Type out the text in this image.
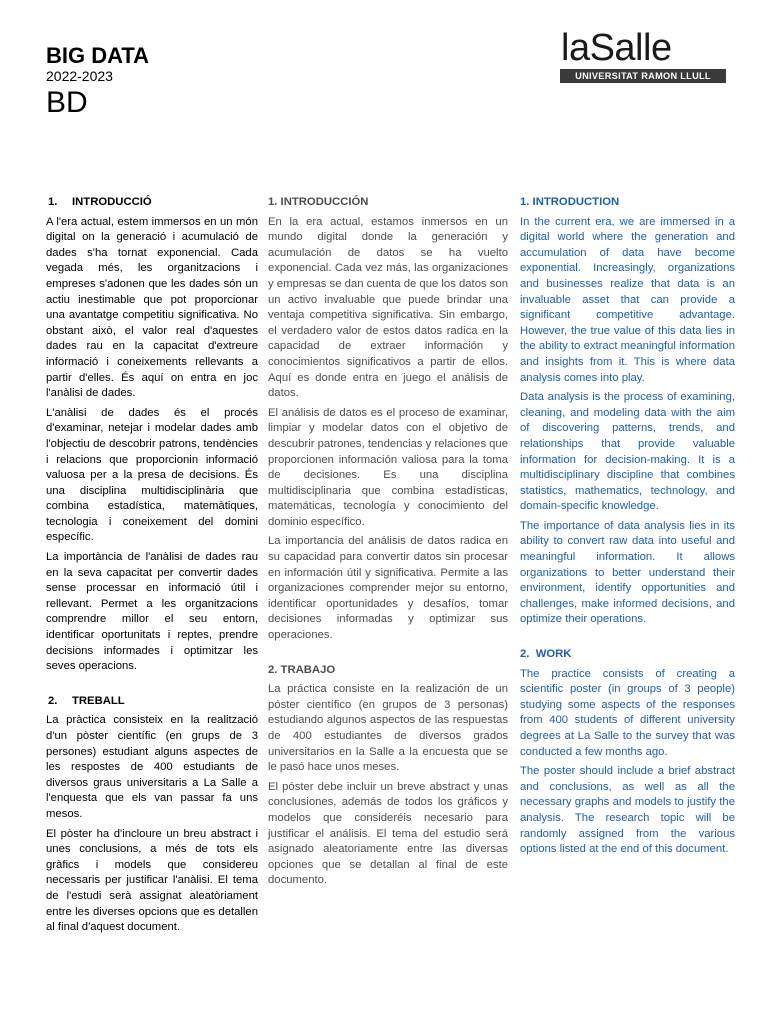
BIG DATA
2022-2023
BD
laSalle
UNIVERSITAT RAMON LLULL
1. INTRODUCCIÓ

A l'era actual, estem immersos en un món digital on la generació i acumulació de dades s'ha tornat exponencial. Cada vegada més, les organitzacions i empreses s'adonen que les dades són un actiu inestimable que pot proporcionar una avantatge competitiu significativa. No obstant això, el valor real d'aquestes dades rau en la capacitat d'extreure informació i coneixements rellevants a partir d'elles. És aquí on entra en joc l'anàlisi de dades.

L'anàlisi de dades és el procés d'examinar, netejar i modelar dades amb l'objectiu de descobrir patrons, tendències i relacions que proporcionin informació valuosa per a la presa de decisions. És una disciplina multidisciplinària que combina estadística, matemàtiques, tecnologia i coneixement del domini específic.

La importància de l'anàlisi de dades rau en la seva capacitat per convertir dades sense processar en informació útil i rellevant. Permet a les organitzacions comprendre millor el seu entorn, identificar oportunitats i reptes, prendre decisions informades i optimitzar les seves operacions.

2. TREBALL

La pràctica consisteix en la realització d'un pòster científic (en grups de 3 persones) estudiant alguns aspectes de les respostes de 400 estudiants de diversos graus universitaris a La Salle a l'enquesta que els van passar fa uns mesos.

El pòster ha d'incloure un breu abstract i unes conclusions, a més de tots els gràfics i models que considereu necessaris per justificar l'anàlisi. El tema de l'estudi serà assignat aleatòriament entre les diverses opcions que es detallen al final d'aquest document.

1. INTRODUCCIÓN

En la era actual, estamos inmersos en un mundo digital donde la generación y acumulación de datos se ha vuelto exponencial. Cada vez más, las organizaciones y empresas se dan cuenta de que los datos son un activo invaluable que puede brindar una ventaja competitiva significativa. Sin embargo, el verdadero valor de estos datos radica en la capacidad de extraer información y conocimientos significativos a partir de ellos. Aquí es donde entra en juego el análisis de datos.

El análisis de datos es el proceso de examinar, limpiar y modelar datos con el objetivo de descubrir patrones, tendencias y relaciones que proporcionen información valiosa para la toma de decisiones. Es una disciplina multidisciplinaria que combina estadísticas, matemáticas, tecnología y conocimiento del dominio específico.

La importancia del análisis de datos radica en su capacidad para convertir datos sin procesar en información útil y significativa. Permite a las organizaciones comprender mejor su entorno, identificar oportunidades y desafíos, tomar decisiones informadas y optimizar sus operaciones.

2. TRABAJO

La práctica consiste en la realización de un póster científico (en grupos de 3 personas) estudiando algunos aspectos de las respuestas de 400 estudiantes de diversos grados universitarios en la Salle a la encuesta que se le pasó hace unos meses.

El póster debe incluir un breve abstract y unas conclusiones, además de todos los gráficos y modelos que consideréis necesario para justificar el análisis. El tema del estudio será asignado aleatoriamente entre las diversas opciones que se detallan al final de este documento.

1. INTRODUCTION

In the current era, we are immersed in a digital world where the generation and accumulation of data have become exponential. Increasingly, organizations and businesses realize that data is an invaluable asset that can provide a significant competitive advantage. However, the true value of this data lies in the ability to extract meaningful information and insights from it. This is where data analysis comes into play.

Data analysis is the process of examining, cleaning, and modeling data with the aim of discovering patterns, trends, and relationships that provide valuable information for decision-making. It is a multidisciplinary discipline that combines statistics, mathematics, technology, and domain-specific knowledge.

The importance of data analysis lies in its ability to convert raw data into useful and meaningful information. It allows organizations to better understand their environment, identify opportunities and challenges, make informed decisions, and optimize their operations.

2.  WORK

The practice consists of creating a scientific poster (in groups of 3 people) studying some aspects of the responses from 400 students of different university degrees at La Salle to the survey that was conducted a few months ago.

The poster should include a brief abstract and conclusions, as well as all the necessary graphs and models to justify the analysis. The research topic will be randomly assigned from the various options listed at the end of this document.
